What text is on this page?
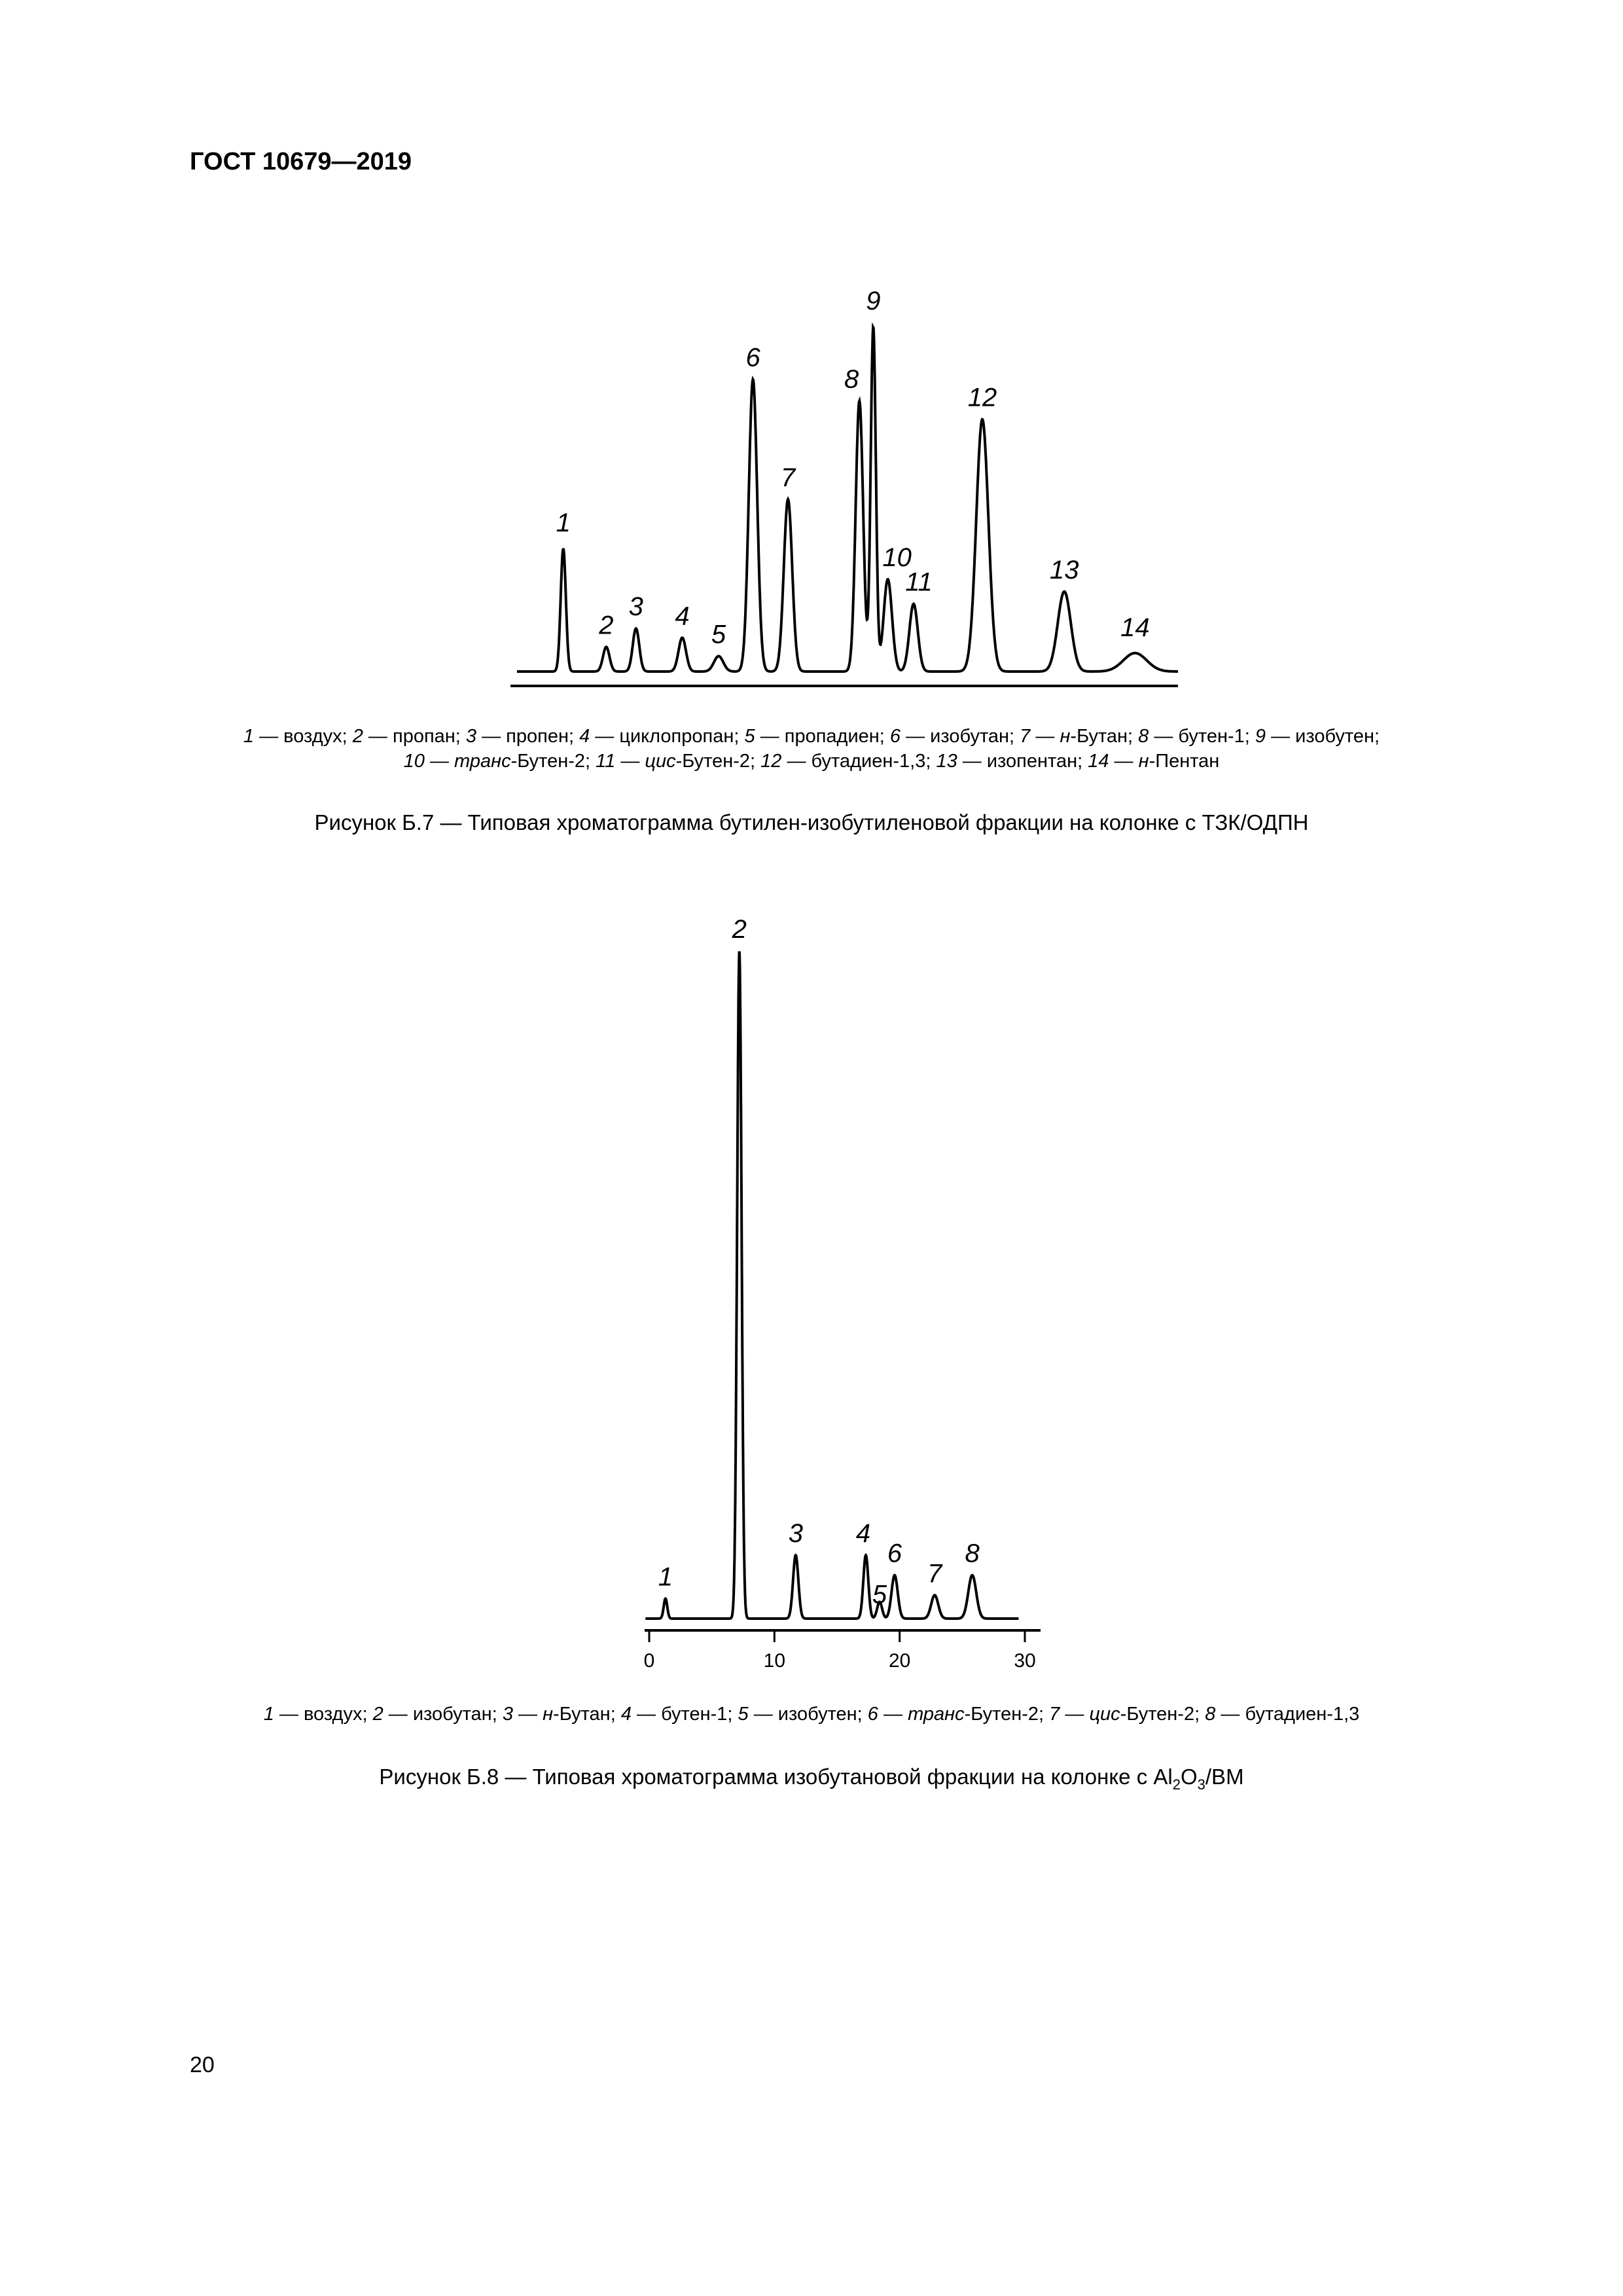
ГОСТ 10679—2019
1
2
3 4
5
6
7
8
9
10
11
12
13
14

1 — воздух; 2 — пропан; 3 — пропен; 4 — циклопропан; 5 — пропадиен; 6 — изобутан; 7 — н-Бутан; 8 — бутен-1; 9 — изобутен;

10 — транс-Бутен-2; 11 — цис-Бутен-2; 12 — бутадиен-1,3; 13 — изопентан; 14 — н-Пентан

Рисунок Б.7 — Типовая хроматограмма бутилен-изобутиленовой фракции на колонке с ТЗК/ОДПН
0	10	20	30
1
2
3 4
5
6
7
8

1 — воздух; 2 — изобутан; 3 — н-Бутан; 4 — бутен-1; 5 — изобутен; 6 — транс-Бутен-2; 7 — цис-Бутен-2; 8 — бутадиен-1,3

Рисунок Б.8 — Типовая хроматограмма изобутановой фракции на колонке с $Al_2O_3/ВМ$
20
